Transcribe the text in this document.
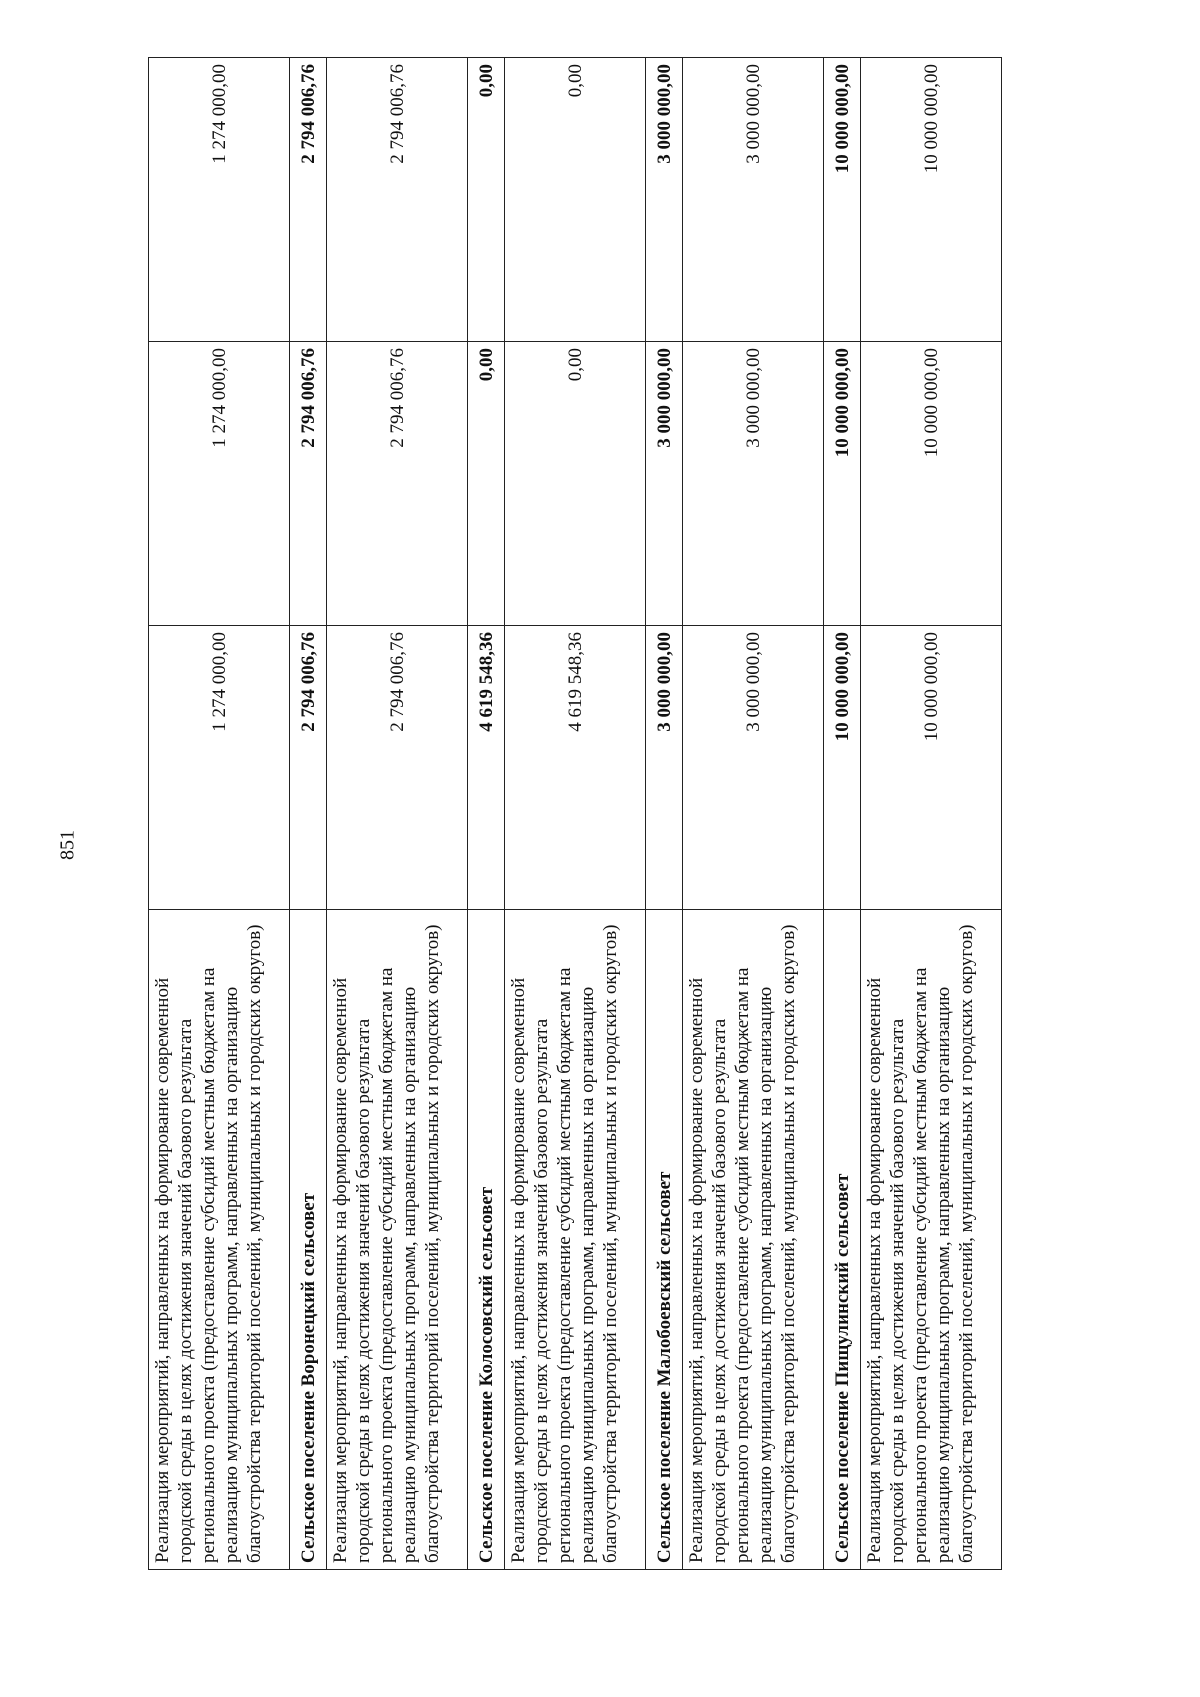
851
Реализация мероприятий, направленных на формирование современной городской среды в целях достижения значений базового результата регионального проекта (предоставление субсидий местным бюджетам на реализацию муниципальных программ, направленных на организацию благоустройства территорий поселений, муниципальных и городских округов)	1 274 000,00	1 274 000,00	1 274 000,00
Сельское поселение Воронецкий сельсовет	2 794 006,76	2 794 006,76	2 794 006,76
Реализация мероприятий, направленных на формирование современной городской среды в целях достижения значений базового результата регионального проекта (предоставление субсидий местным бюджетам на реализацию муниципальных программ, направленных на организацию благоустройства территорий поселений, муниципальных и городских округов)	2 794 006,76	2 794 006,76	2 794 006,76
Сельское поселение Колосовский сельсовет	4 619 548,36	0,00	0,00
Реализация мероприятий, направленных на формирование современной городской среды в целях достижения значений базового результата регионального проекта (предоставление субсидий местным бюджетам на реализацию муниципальных программ, направленных на организацию благоустройства территорий поселений, муниципальных и городских округов)	4 619 548,36	0,00	0,00
Сельское поселение Малобоевский сельсовет	3 000 000,00	3 000 000,00	3 000 000,00
Реализация мероприятий, направленных на формирование современной городской среды в целях достижения значений базового результата регионального проекта (предоставление субсидий местным бюджетам на реализацию муниципальных программ, направленных на организацию благоустройства территорий поселений, муниципальных и городских округов)	3 000 000,00	3 000 000,00	3 000 000,00
Сельское поселение Пищулинский сельсовет	10 000 000,00	10 000 000,00	10 000 000,00
Реализация мероприятий, направленных на формирование современной городской среды в целях достижения значений базового результата регионального проекта (предоставление субсидий местным бюджетам на реализацию муниципальных программ, направленных на организацию благоустройства территорий поселений, муниципальных и городских округов)	10 000 000,00	10 000 000,00	10 000 000,00
